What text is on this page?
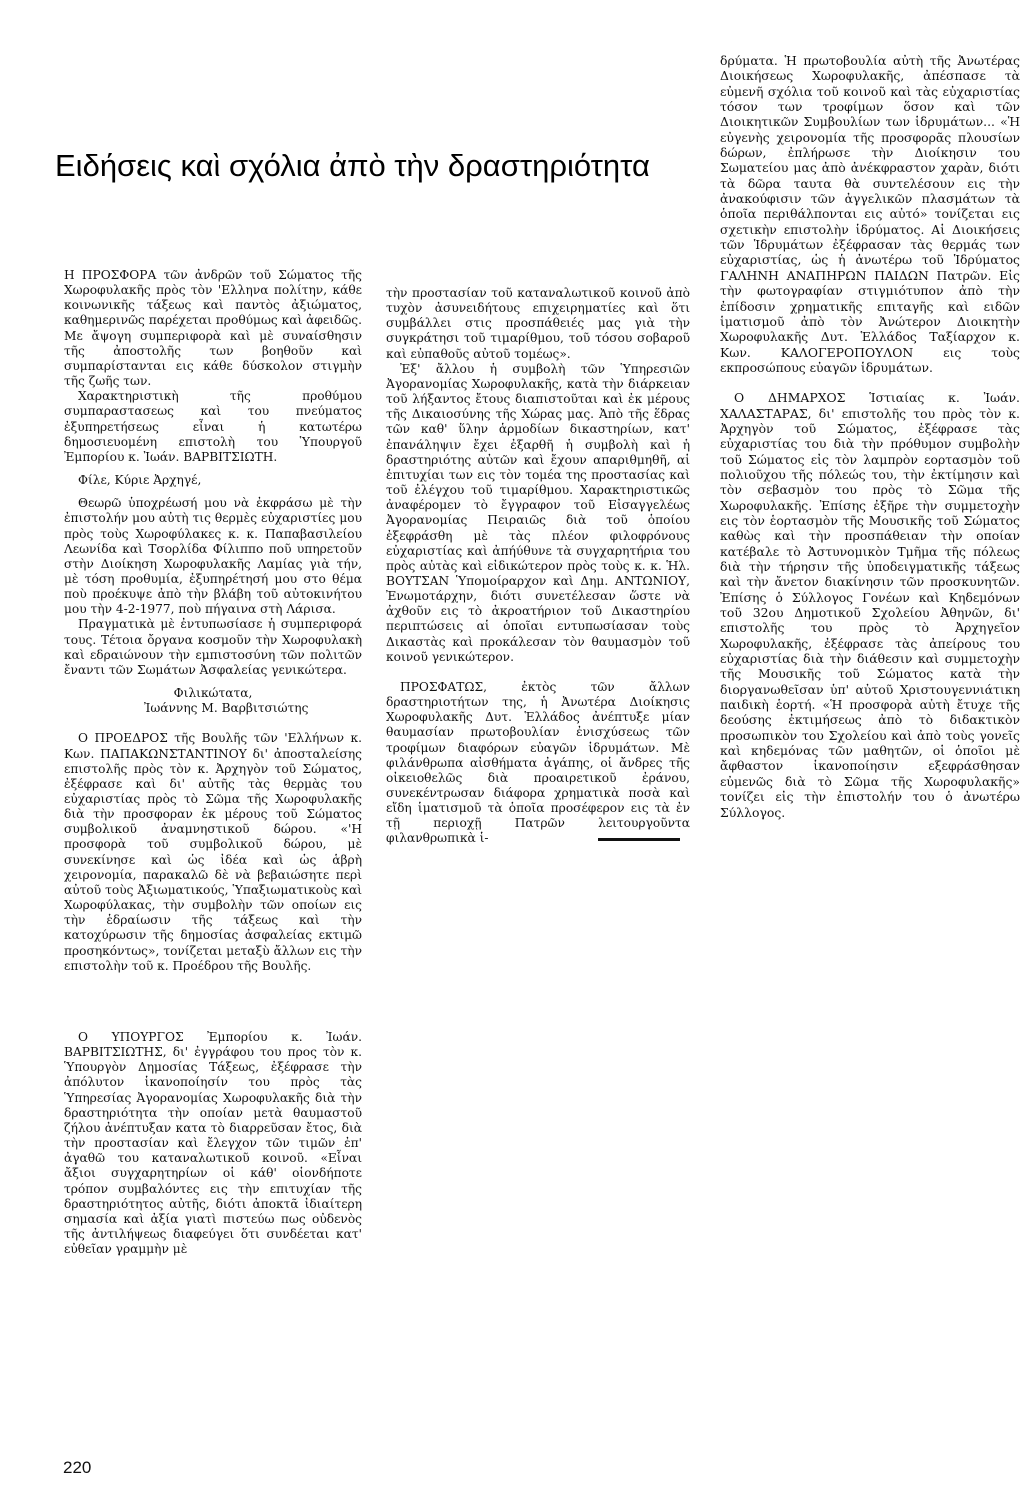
Ειδήσεις καὶ σχόλια ἀπὸ τὴν δραστηριότητα

Η ΠΡΟΣΦΟΡΑ τῶν ἀνδρῶν τοῦ Σώματος τῆς Χωροφυλακῆς πρὸς τὸν 'Ελληνα πολίτην, κάθε κοινωνικῆς τάξεως καὶ παντὸς ἀξιώματος, καθημερινῶς παρέχεται προθύμως καὶ ἀφειδῶς. Με ἄψογη συμπεριφορὰ καὶ μὲ συναίσθησιν τῆς ἀποστολῆς των βοηθοῦν καὶ συμπαρίστανται εις κάθε δύσκολον στιγμὴν τῆς ζωῆς των.

Χαρακτηριστικὴ τῆς προθύμου συμπαραστασεως καὶ του πνεύματος ἐξυπηρετήσεως εἶναι ἡ κατωτέρω δημοσιευομένη επιστολὴ του Ὑπουργοῦ Ἐμπορίου κ. Ἰωάν. ΒΑΡΒΙΤΣΙΩΤΗ.

Φίλε, Κύριε Ἀρχηγέ,

Θεωρῶ ὑποχρέωσή μου νὰ ἐκφράσω μὲ τὴν ἐπιστολήν μου αὐτὴ τις θερμὲς εὐχαριστίες μου πρὸς τοὺς Χωροφύλακες κ. κ. Παπαβασιλείου Λεωνίδα καὶ Τσορλίδα Φίλιππο ποῦ υπηρετοῦν στὴν Διοίκηση Χωροφυλακῆς Λαμίας γιὰ τήν, μὲ τόση προθυμία, ἐξυπηρέτησή μου στο θέμα ποὺ προέκυψε ἀπὸ τὴν βλάβη τοῦ αὐτοκινήτου μου τὴν 4-2-1977, ποὺ πήγαινα στὴ Λάρισα.

Πραγματικὰ μὲ ἐντυπωσίασε ἡ συμπεριφορά τους. Τέτοια ὄργανα κοσμοῦν τὴν Χωροφυλακὴ καὶ εδραιώνουν τὴν εμπιστοσύνη τῶν πολιτῶν ἔναντι τῶν Σωμάτων Ἀσφαλείας γενικώτερα.

Φιλικώτατα,

Ἰωάννης Μ. Βαρβιτσιώτης

Ο ΠΡΟΕΔΡΟΣ τῆς Βουλῆς τῶν 'Ελλήνων κ. Κων. ΠΑΠΑΚΩΝΣΤΑΝΤΙΝΟΥ δι' ἀποσταλείσης επιστολῆς πρὸς τὸν κ. Ἀρχηγὸν τοῦ Σώματος, ἐξέφρασε καὶ δι' αὐτῆς τὰς θερμὰς του εὐχαριστίας πρὸς τὸ Σῶμα τῆς Χωροφυλακῆς διὰ τὴν προσφοραν ἐκ μέρους τοῦ Σώματος συμβολικοῦ ἀναμνηστικοῦ δώρου. «'Η προσφορὰ τοῦ συμβολικοῦ δώρου, μὲ συνεκίνησε καὶ ὡς ἰδέα καὶ ὡς ἁβρὴ χειρονομία, παρακαλῶ δὲ νὰ βεβαιώσητε περὶ αὐτοῦ τοὺς Ἀξιωματικούς, Ὑπαξιωματικοὺς καὶ Χωροφύλακας, τὴν συμβολὴν τῶν οποίων εις τὴν ἑδραίωσιν τῆς τάξεως καὶ τὴν κατοχύρωσιν τῆς δημοσίας ἀσφαλείας εκτιμῶ προσηκόντως», τονίζεται μεταξὺ ἄλλων εις τὴν επιστολὴν τοῦ κ. Προέδρου τῆς Βουλῆς.

Ο ΥΠΟΥΡΓΟΣ Ἐμπορίου κ. Ἰωάν. ΒΑΡΒΙΤΣΙΩΤΗΣ, δι' ἐγγράφου του προς τὸν κ. Ὑπουργὸν Δημοσίας Τάξεως, ἐξέφρασε τὴν ἀπόλυτον ἱκανοποίησίν του πρὸς τὰς Ὑπηρεσίας Ἀγορανομίας Χωροφυλακῆς διὰ τὴν δραστηριότητα τὴν οποίαν μετὰ θαυμαστοῦ ζήλου ἀνέπτυξαν κατα τὸ διαρρεῦσαν ἔτος, διὰ τὴν προστασίαν καὶ ἔλεγχον τῶν τιμῶν ἐπ' ἀγαθῶ του καταναλωτικοῦ κοινοῦ. «Εἶναι ἄξιοι συγχαρητηρίων οἱ κάθ' οἱονδήποτε τρόπον συμβαλόντες εις τὴν επιτυχίαν τῆς δραστηριότητος αὐτῆς, διότι ἀποκτᾶ ἰδιαίτερη σημασία καὶ ἀξία γιατὶ πιστεύω πως οὐδενὸς τῆς ἀντιλήψεως διαφεύγει ὅτι συνδέεται κατ' εὐθεῖαν γραμμὴν μὲ

τὴν προστασίαν τοῦ καταναλωτικοῦ κοινοῦ ἀπὸ τυχὸν ἀσυνειδήτους επιχειρηματίες καὶ ὅτι συμβάλλει στις προσπάθειές μας γιὰ τὴν συγκράτησι τοῦ τιμαρίθμου, τοῦ τόσου σοβαροῦ καὶ εὐπαθοῦς αὐτοῦ τομέως».

Ἐξ' ἄλλου ἡ συμβολὴ τῶν Ὑπηρεσιῶν Ἀγορανομίας Χωροφυλακῆς, κατὰ τὴν διάρκειαν τοῦ λήξαντος ἔτους διαπιστοῦται καὶ ἐκ μέρους τῆς Δικαιοσύνης τῆς Χώρας μας. Ἀπὸ τῆς ἕδρας τῶν καθ' ὕλην ἁρμοδίων δικαστηρίων, κατ' ἐπανάληψιν ἔχει ἐξαρθῆ ἡ συμβολὴ καὶ ἡ δραστηριότης αὐτῶν καὶ ἔχουν απαριθμηθῆ, αἱ ἐπιτυχίαι των εις τὸν τομέα της προστασίας καὶ τοῦ ἐλέγχου τοῦ τιμαρίθμου. Χαρακτηριστικῶς ἀναφέρομεν τὸ ἔγγραφον τοῦ Εἰσαγγελέως Ἀγορανομίας Πειραιῶς διὰ τοῦ ὁποίου ἐξεφράσθη μὲ τὰς πλέον φιλοφρόνους εὐχαριστίας καὶ ἀπήύθυνε τὰ συγχαρητήρια του πρὸς αὐτὰς καὶ εἰδικώτερον πρὸς τοὺς κ. κ. Ἡλ. ΒΟΥΤΣΑΝ Ὑπομοίραρχον καὶ Δημ. ΑΝΤΩΝΙΟΥ, Ἐνωμοτάρχην, διότι συνετέλεσαν ὥστε νὰ ἀχθοῦν εις τὸ ἀκροατήριον τοῦ Δικαστηρίου περιπτώσεις αἱ ὁποῖαι εντυπωσίασαν τοὺς Δικαστὰς καὶ προκάλεσαν τὸν θαυμασμὸν τοῦ κοινοῦ γενικώτερον.

ΠΡΟΣΦΑΤΩΣ, ἐκτὸς τῶν ἄλλων δραστηριοτήτων της, ἡ Ἀνωτέρα Διοίκησις Χωροφυλακῆς Δυτ. Ἑλλάδος ἀνέπτυξε μίαν θαυμασίαν πρωτοβουλίαν ἐνισχύσεως τῶν τροφίμων διαφόρων εὐαγῶν ἱδρυμάτων. Μὲ φιλάνθρωπα αἰσθήματα ἀγάπης, οἱ ἄνδρες τῆς οἰκειοθελῶς διὰ προαιρετικοῦ ἐράνου, συνεκέντρωσαν διάφορα χρηματικὰ ποσὰ καὶ εἴδη ἱματισμοῦ τὰ ὁποῖα προσέφερον εις τὰ ἐν τῇ περιοχῇ Πατρῶν λειτουργοῦντα φιλανθρωπικὰ ἱ-

δρύματα. Ἡ πρωτοβουλία αὐτὴ τῆς Ἀνωτέρας Διοικήσεως Χωροφυλακῆς, ἀπέσπασε τὰ εὐμενῆ σχόλια τοῦ κοινοῦ καὶ τὰς εὐχαριστίας τόσον των τροφίμων ὅσον καὶ τῶν Διοικητικῶν Συμβουλίων των ἱδρυμάτων... «Ἡ εὐγενὴς χειρονομία τῆς προσφορᾶς πλουσίων δώρων, ἐπλήρωσε τὴν Διοίκησιν του Σωματείου μας ἀπὸ ἀνέκφραστον χαρὰν, διότι τὰ δῶρα ταυτα θὰ συντελέσουν εις τὴν ἀνακούφισιν τῶν ἀγγελικῶν πλασμάτων τὰ ὁποῖα περιθάλπονται εις αὐτό» τονίζεται εις σχετικὴν επιστολὴν ἱδρύματος. Αἱ Διοικήσεις τῶν Ἱδρυμάτων ἐξέφρασαν τὰς θερμάς των εὐχαριστίας, ὡς ἡ ἀνωτέρω τοῦ Ἱδρύματος ΓΑΛΗΝΗ ΑΝΑΠΗΡΩΝ ΠΑΙΔΩΝ Πατρῶν. Εἰς τὴν φωτογραφίαν στιγμιότυπον ἀπὸ τὴν ἐπίδοσιν χρηματικῆς επιταγῆς καὶ ειδῶν ἱματισμοῦ ἀπὸ τὸν Ἀνώτερον Διοικητὴν Χωροφυλακῆς Δυτ. Ἑλλάδος Ταξίαρχον κ. Κων. ΚΑΛΟΓΕΡΟΠΟΥΛΟΝ εις τοὺς εκπροσώπους εὐαγῶν ἱδρυμάτων.

Ο ΔΗΜΑΡΧΟΣ Ἱστιαίας κ. Ἰωάν. ΧΑΛΑΣΤΑΡΑΣ, δι' επιστολῆς του πρὸς τὸν κ. Ἀρχηγὸν τοῦ Σώματος, ἐξέφρασε τὰς εὐχαριστίας του διὰ τὴν πρόθυμον συμβολὴν τοῦ Σώματος εἰς τὸν λαμπρὸν εορτασμὸν τοῦ πολιοῦχου τῆς πόλεώς του, τὴν ἐκτίμησιν καὶ τὸν σεβασμὸν του πρὸς τὸ Σῶμα τῆς Χωροφυλακῆς. Ἐπίσης ἐξῆρε τὴν συμμετοχὴν εις τὸν ἑορτασμὸν τῆς Μουσικῆς τοῦ Σώματος καθὼς καὶ τὴν προσπάθειαν τὴν οποίαν κατέβαλε τὸ Ἀστυνομικὸν Τμῆμα τῆς πόλεως διὰ τὴν τήρησιν τῆς ὑποδειγματικῆς τάξεως καὶ τὴν ἄνετον διακίνησιν τῶν προσκυνητῶν. Ἐπίσης ὁ Σύλλογος Γονέων καὶ Κηδεμόνων τοῦ 32ου Δημοτικοῦ Σχολείου Ἀθηνῶν, δι' επιστολῆς του πρὸς τὸ Ἀρχηγεῖον Χωροφυλακῆς, ἐξέφρασε τὰς ἀπείρους του εὐχαριστίας διὰ τὴν διάθεσιν καὶ συμμετοχὴν τῆς Μουσικῆς τοῦ Σώματος κατὰ τὴν διοργανωθεῖσαν ὑπ' αὐτοῦ Χριστουγεννιάτικη παιδικὴ ἑορτή. «Ἡ προσφορὰ αὐτὴ ἔτυχε τῆς δεούσης ἐκτιμήσεως ἀπὸ τὸ διδακτικὸν προσωπικὸν του Σχολείου καὶ ἀπὸ τοὺς γονεῖς καὶ κηδεμόνας τῶν μαθητῶν, οἱ ὁποῖοι μὲ ἄφθαστον ἱκανοποίησιν εξεφράσθησαν εὐμενῶς διὰ τὸ Σῶμα τῆς Χωροφυλακῆς» τονίζει εἰς τὴν ἐπιστολήν του ὁ ἀνωτέρω Σύλλογος.

220
